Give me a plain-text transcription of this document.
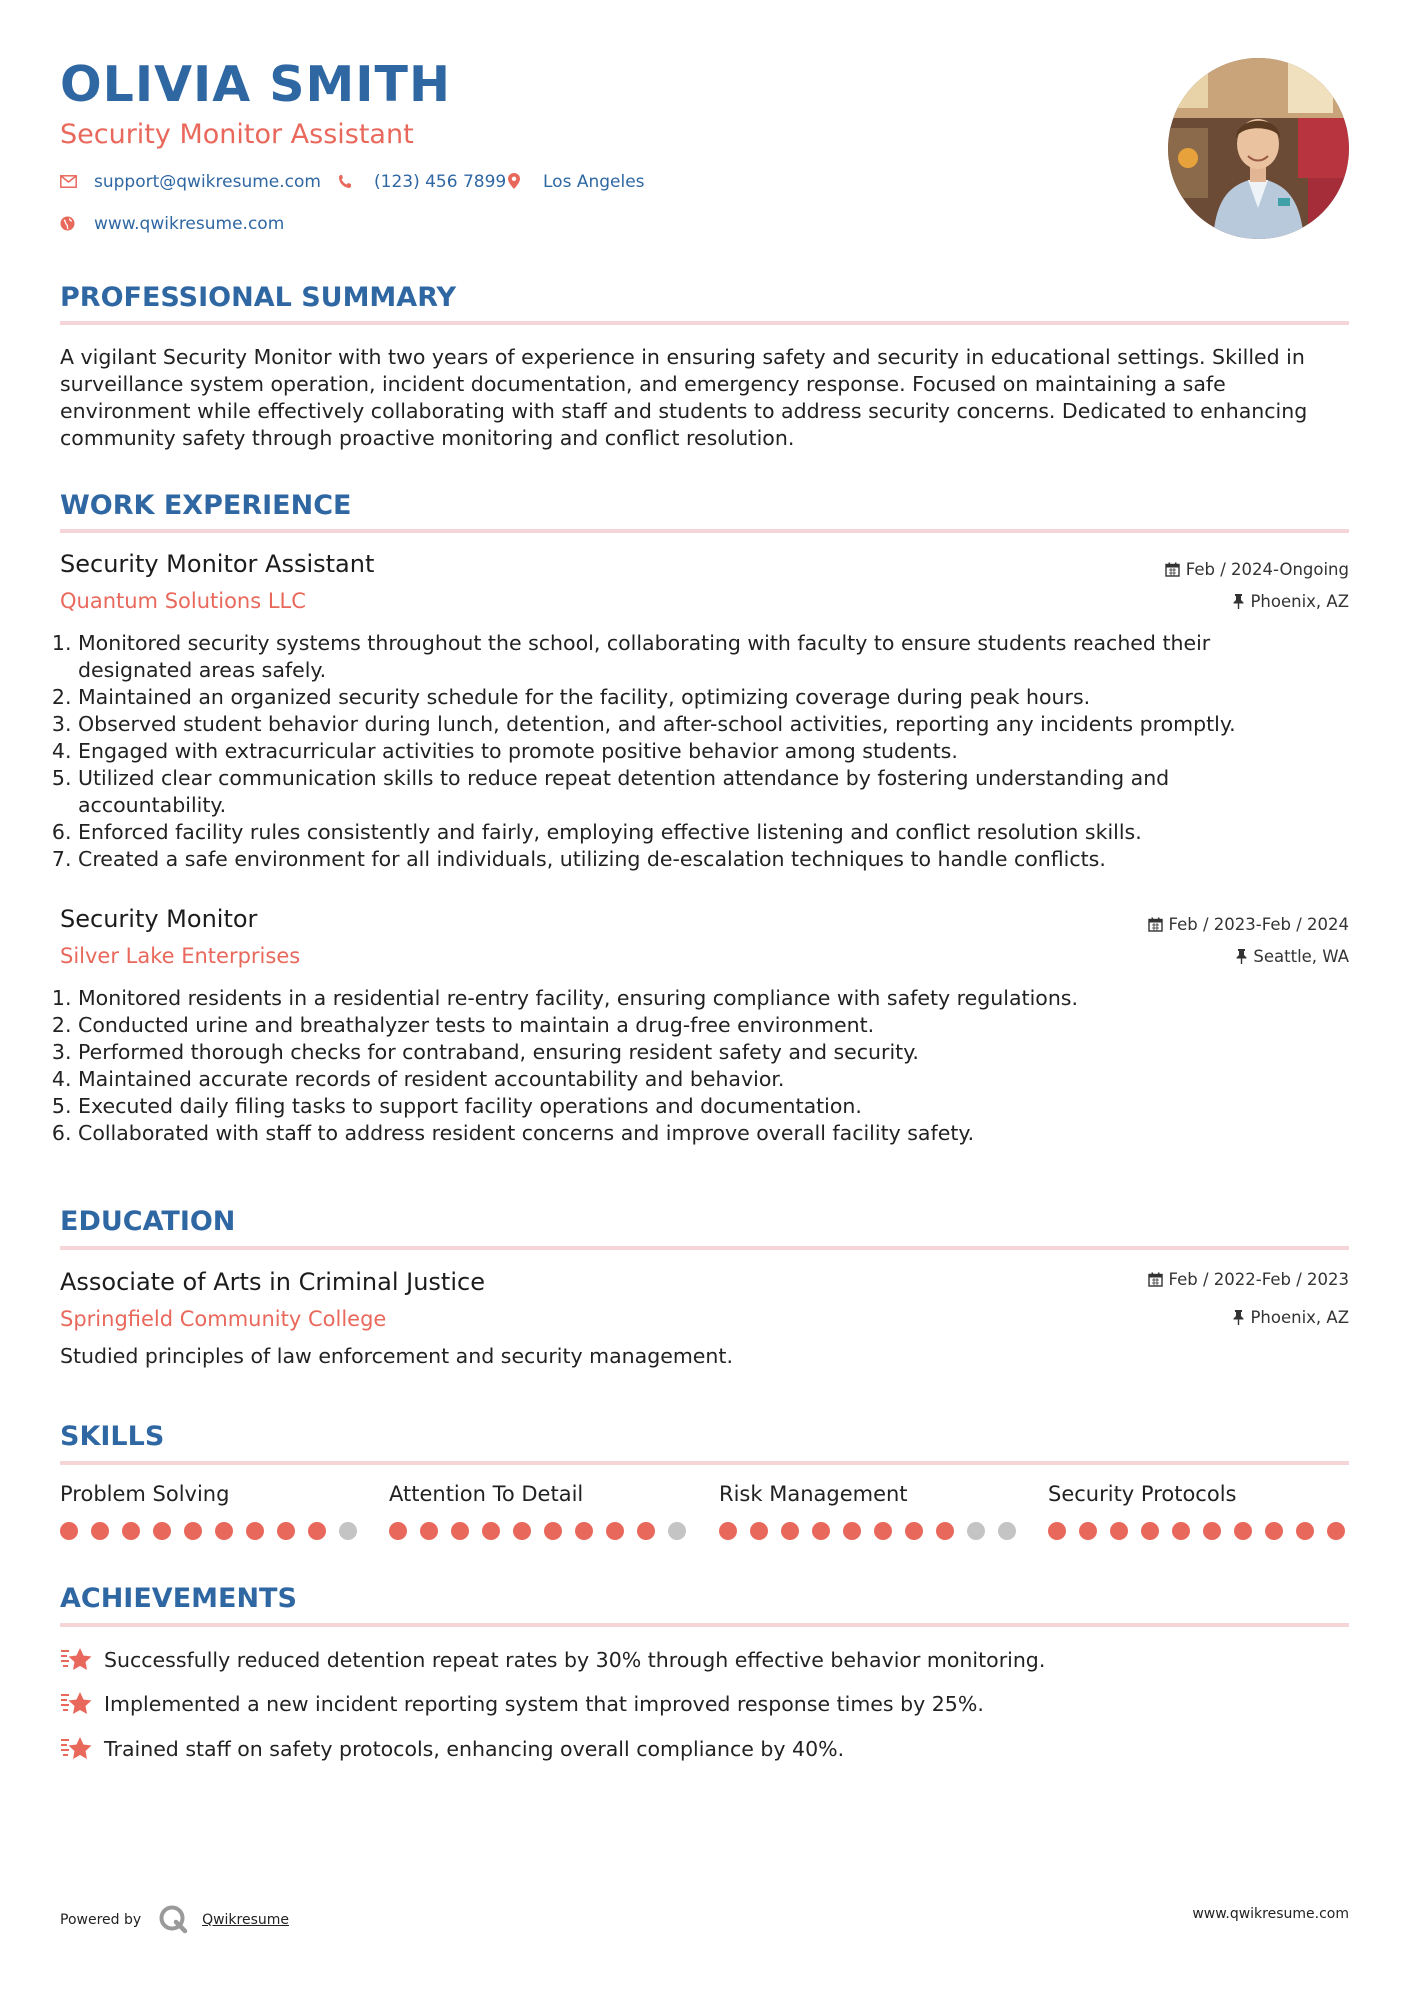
OLIVIA SMITH
Security Monitor Assistant
support@qwikresume.com	(123) 456 7899 Los Angeles
www.qwikresume.com
PROFESSIONAL SUMMARY
A vigilant Security Monitor with two years of experience in ensuring safety and security in educational settings. Skilled in surveillance system operation, incident documentation, and emergency response. Focused on maintaining a safe environment while effectively collaborating with staff and students to address security concerns. Dedicated to enhancing community safety through proactive monitoring and conflict resolution.
WORK EXPERIENCE
Security Monitor Assistant
Quantum Solutions LLC
Feb / 2024-Ongoing
Phoenix, AZ
1. Monitored security systems throughout the school, collaborating with faculty to ensure students reached their designated areas safely.
2. Maintained an organized security schedule for the facility, optimizing coverage during peak hours.
3. Observed student behavior during lunch, detention, and after-school activities, reporting any incidents promptly.
4. Engaged with extracurricular activities to promote positive behavior among students.
5. Utilized clear communication skills to reduce repeat detention attendance by fostering understanding and accountability.
6. Enforced facility rules consistently and fairly, employing effective listening and conflict resolution skills.
7. Created a safe environment for all individuals, utilizing de-escalation techniques to handle conflicts.
Security Monitor
Silver Lake Enterprises
Feb / 2023-Feb / 2024
Seattle, WA
1. Monitored residents in a residential re-entry facility, ensuring compliance with safety regulations.
2. Conducted urine and breathalyzer tests to maintain a drug-free environment.
3. Performed thorough checks for contraband, ensuring resident safety and security.
4. Maintained accurate records of resident accountability and behavior.
5. Executed daily filing tasks to support facility operations and documentation.
6. Collaborated with staff to address resident concerns and improve overall facility safety.
EDUCATION
Associate of Arts in Criminal Justice
Springfield Community College
Feb / 2022-Feb / 2023
Phoenix, AZ
Studied principles of law enforcement and security management.
SKILLS
Problem Solving	Attention To Detail	Risk Management	Security Protocols
ACHIEVEMENTS
Successfully reduced detention repeat rates by 30% through effective behavior monitoring.
Implemented a new incident reporting system that improved response times by 25%.
Trained staff on safety protocols, enhancing overall compliance by 40%.
Powered by	Qwikresume	www.qwikresume.com
